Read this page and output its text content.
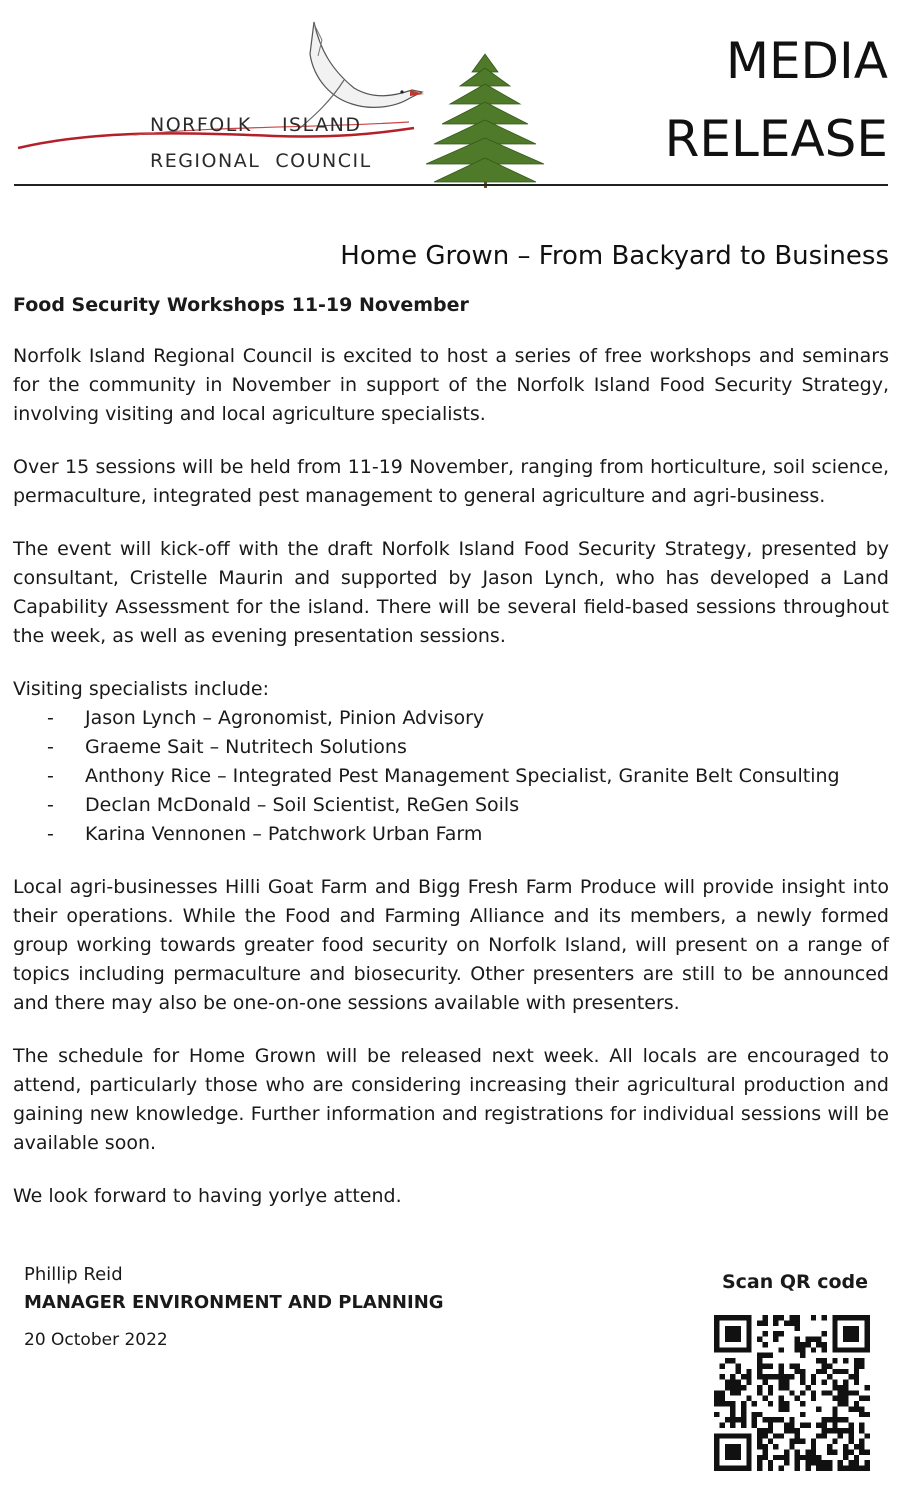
NORFOLK    ISLAND
REGIONAL  COUNCIL
MEDIA
RELEASE
Home Grown – From Backyard to Business
Food Security Workshops 11-19 November

Norfolk Island Regional Council is excited to host a series of free workshops and seminars for the community in November in support of the Norfolk Island Food Security Strategy, involving visiting and local agriculture specialists.

Over 15 sessions will be held from 11-19 November, ranging from horticulture, soil science, permaculture, integrated pest management to general agriculture and agri-business.

The event will kick-off with the draft Norfolk Island Food Security Strategy, presented by consultant, Cristelle Maurin and supported by Jason Lynch, who has developed a Land Capability Assessment for the island. There will be several field-based sessions throughout the week, as well as evening presentation sessions.

Visiting specialists include:

- Jason Lynch – Agronomist, Pinion Advisory
- Graeme Sait – Nutritech Solutions
- Anthony Rice – Integrated Pest Management Specialist, Granite Belt Consulting
- Declan McDonald – Soil Scientist, ReGen Soils
- Karina Vennonen – Patchwork Urban Farm

Local agri-businesses Hilli Goat Farm and Bigg Fresh Farm Produce will provide insight into their operations. While the Food and Farming Alliance and its members, a newly formed group working towards greater food security on Norfolk Island, will present on a range of topics including permaculture and biosecurity. Other presenters are still to be announced and there may also be one-on-one sessions available with presenters.

The schedule for Home Grown will be released next week. All locals are encouraged to attend, particularly those who are considering increasing their agricultural production and gaining new knowledge. Further information and registrations for individual sessions will be available soon.

We look forward to having yorlye attend.

Phillip Reid
MANAGER ENVIRONMENT AND PLANNING
20 October 2022
Scan QR code
